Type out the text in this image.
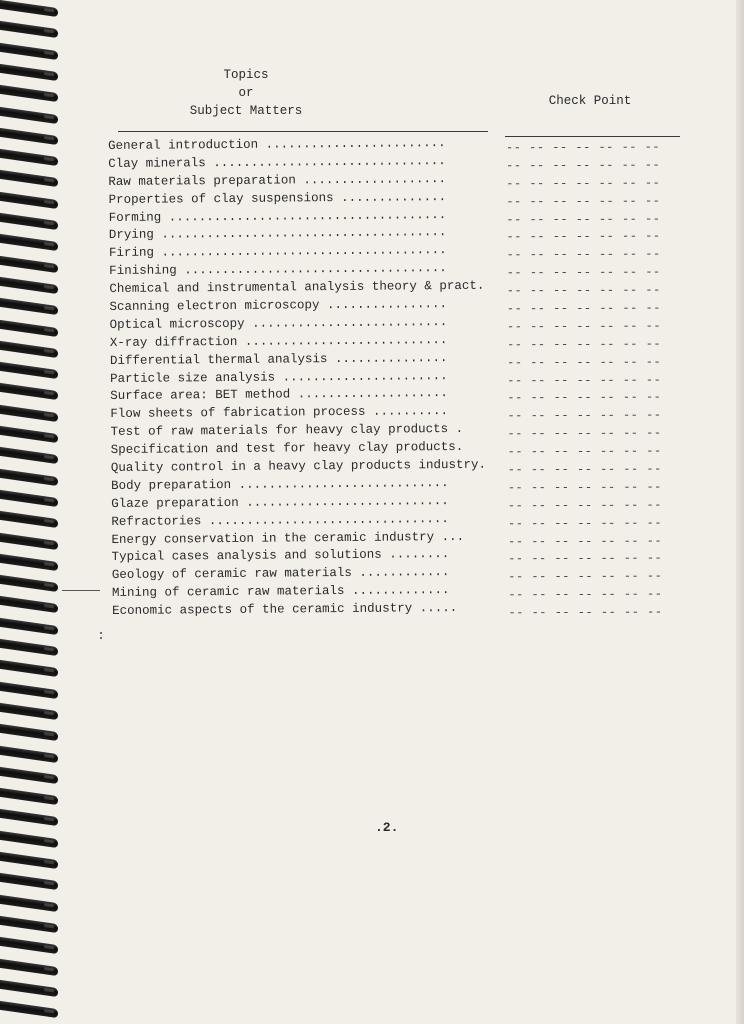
Topics
or
Subject Matters
Check Point
General introduction ........................
Clay minerals ...............................
Raw materials preparation ...................
Properties of clay suspensions ..............
Forming .....................................
Drying ......................................
Firing ......................................
Finishing ...................................
Chemical and instrumental analysis theory & pract.
Scanning electron microscopy ................
Optical microscopy ..........................
X-ray diffraction ...........................
Differential thermal analysis ...............
Particle size analysis ......................
Surface area: BET method ....................
Flow sheets of fabrication process ..........
Test of raw materials for heavy clay products .
Specification and test for heavy clay products.
Quality control in a heavy clay products industry.
Body preparation ............................
Glaze preparation ...........................
Refractories ................................
Energy conservation in the ceramic industry ...
Typical cases analysis and solutions ........
Geology of ceramic raw materials ............
Mining of ceramic raw materials .............
Economic aspects of the ceramic industry .....
-- -- -- -- -- -- --
-- -- -- -- -- -- --
-- -- -- -- -- -- --
-- -- -- -- -- -- --
-- -- -- -- -- -- --
-- -- -- -- -- -- --
-- -- -- -- -- -- --
-- -- -- -- -- -- --
-- -- -- -- -- -- --
-- -- -- -- -- -- --
-- -- -- -- -- -- --
-- -- -- -- -- -- --
-- -- -- -- -- -- --
-- -- -- -- -- -- --
-- -- -- -- -- -- --
-- -- -- -- -- -- --
-- -- -- -- -- -- --
-- -- -- -- -- -- --
-- -- -- -- -- -- --
-- -- -- -- -- -- --
-- -- -- -- -- -- --
-- -- -- -- -- -- --
-- -- -- -- -- -- --
-- -- -- -- -- -- --
-- -- -- -- -- -- --
-- -- -- -- -- -- --
-- -- -- -- -- -- --
.2.
